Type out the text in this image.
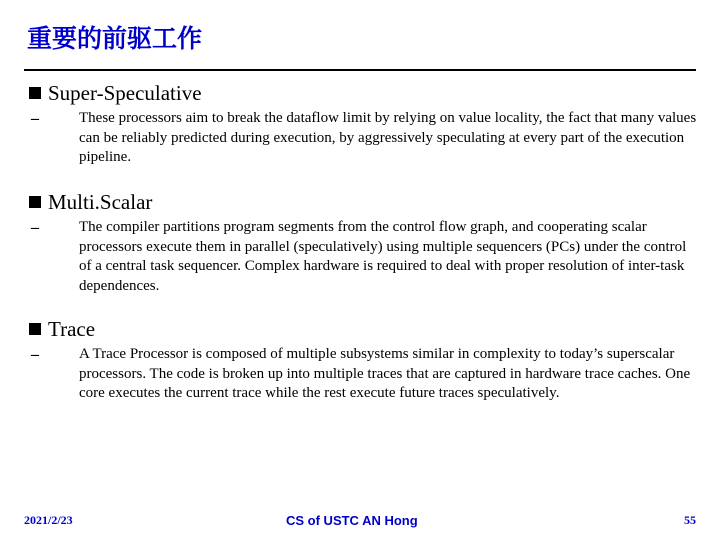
重要的前驱工作
Super-Speculative
–	These processors aim to break the dataflow limit by relying on value locality, the fact that many values can be reliably predicted during execution, by aggressively speculating at every part of the execution pipeline.
Multi.Scalar
–	The compiler partitions program segments from the control flow graph, and cooperating scalar processors execute them in parallel (speculatively) using multiple sequencers (PCs) under the control of a central task sequencer. Complex hardware is required to deal with proper resolution of inter-task dependences.
Trace
–	A Trace Processor is composed of multiple subsystems similar in complexity to today’s superscalar processors. The code is broken up into multiple traces that are captured in hardware trace caches. One core executes the current trace while the rest execute future traces speculatively.
2021/2/23	CS of USTC AN Hong	55
